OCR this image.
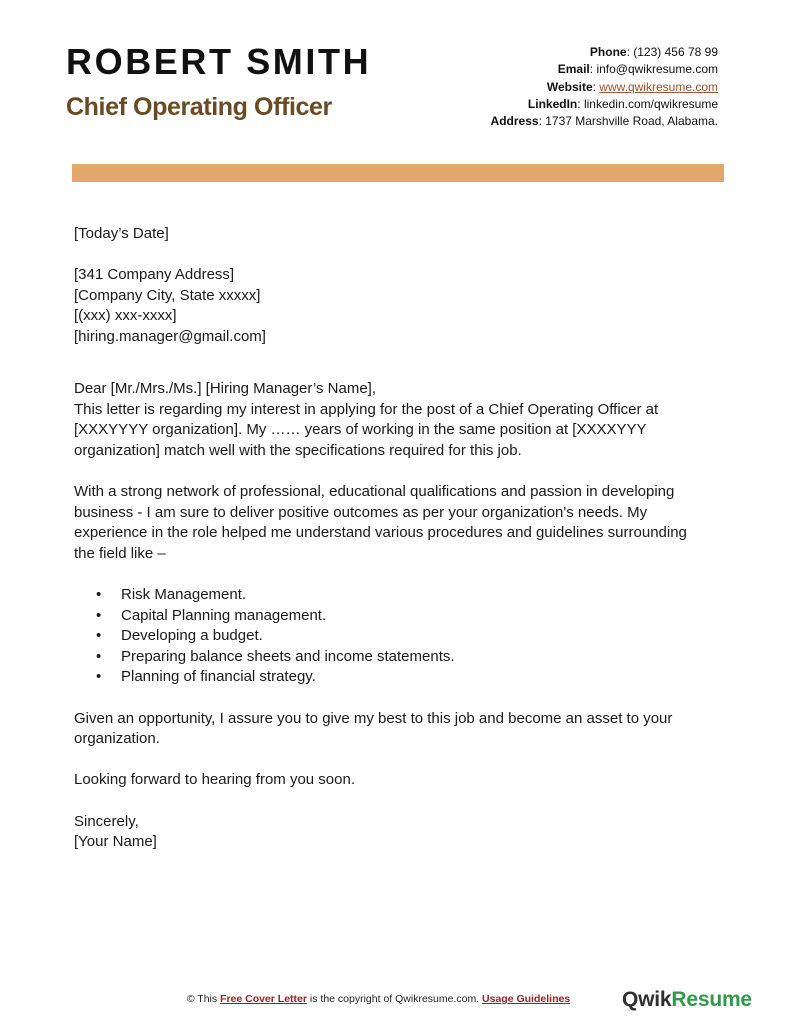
ROBERT SMITH
Chief Operating Officer
Phone: (123) 456 78 99
Email: info@qwikresume.com
Website: www.qwikresume.com
LinkedIn: linkedin.com/qwikresume
Address: 1737 Marshville Road, Alabama.

[Today’s Date]

[341 Company Address]

[Company City, State xxxxx]

[(xxx) xxx-xxxx]

[hiring.manager@gmail.com]

Dear [Mr./Mrs./Ms.] [Hiring Manager’s Name],

This letter is regarding my interest in applying for the post of a Chief Operating Officer at

[XXXYYYY organization]. My …… years of working in the same position at [XXXXYYY

organization] match well with the specifications required for this job.

With a strong network of professional, educational qualifications and passion in developing

business - I am sure to deliver positive outcomes as per your organization's needs. My

experience in the role helped me understand various procedures and guidelines surrounding

the field like –

• Risk Management.
• Capital Planning management.
• Developing a budget.
• Preparing balance sheets and income statements.
• Planning of financial strategy.

Given an opportunity, I assure you to give my best to this job and become an asset to your

organization.

Looking forward to hearing from you soon.

Sincerely,

[Your Name]

© This Free Cover Letter is the copyright of Qwikresume.com. Usage Guidelines	QwikResume
